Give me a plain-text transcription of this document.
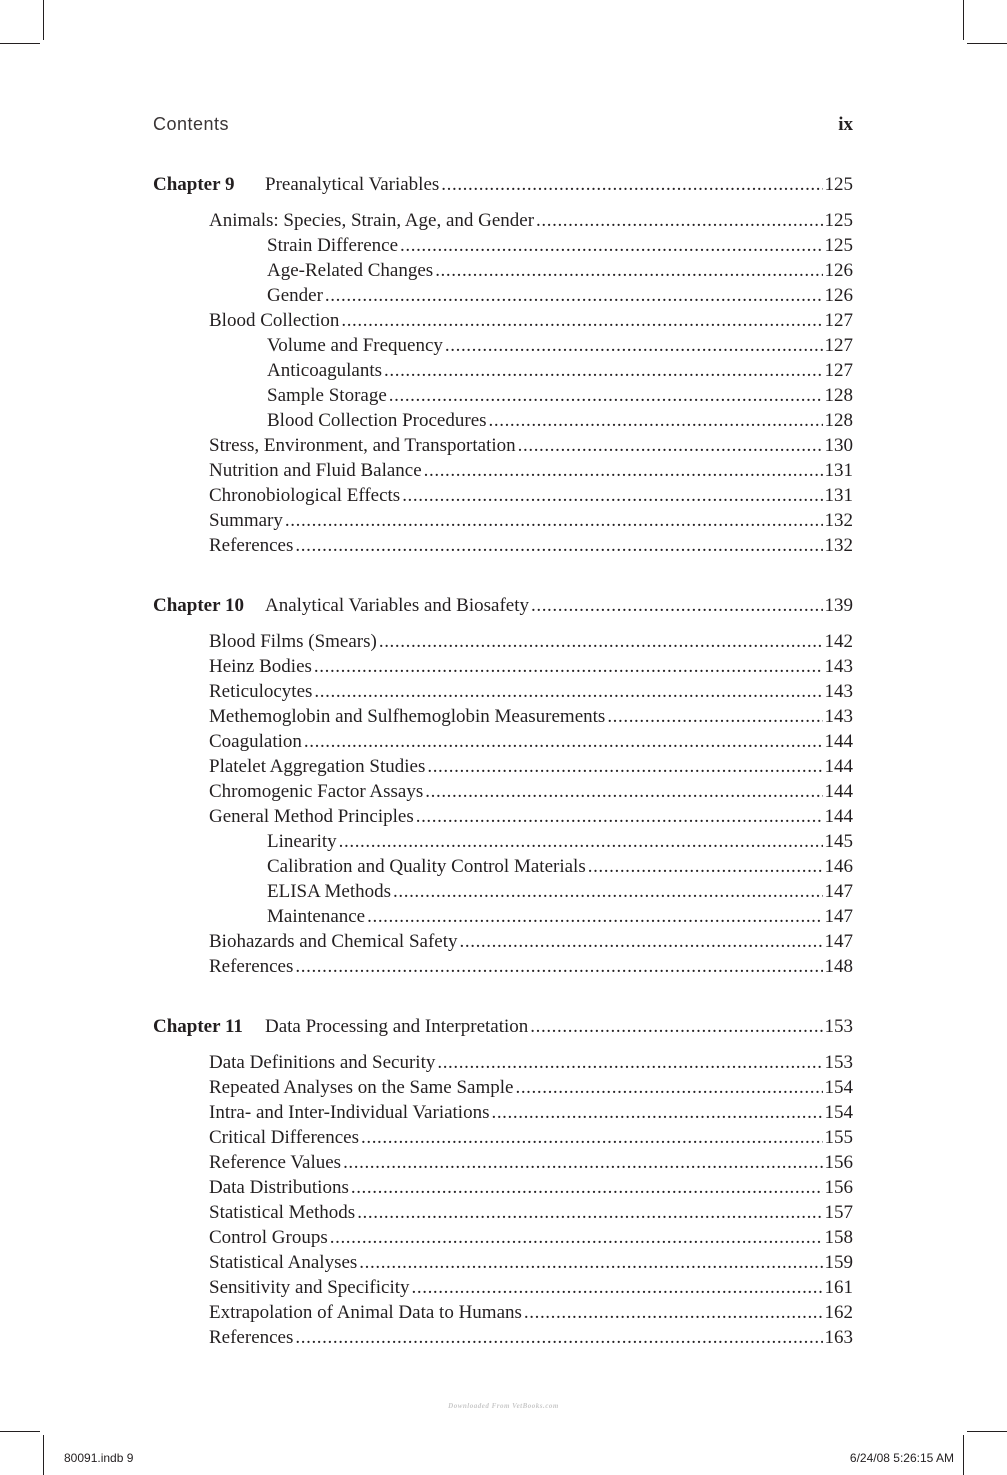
Contents	ix
Chapter 9	Preanalytical Variables .....	125
Animals: Species, Strain, Age, and Gender .....	125
Strain Difference .....	125
Age-Related Changes .....	126
Gender .....	126
Blood Collection .....	127
Volume and Frequency .....	127
Anticoagulants .....	127
Sample Storage .....	128
Blood Collection Procedures .....	128
Stress, Environment, and Transportation .....	130
Nutrition and Fluid Balance .....	131
Chronobiological Effects .....	131
Summary .....	132
References .....	132
Chapter 10	Analytical Variables and Biosafety .....	139
Blood Films (Smears) .....	142
Heinz Bodies .....	143
Reticulocytes .....	143
Methemoglobin and Sulfhemoglobin Measurements .....	143
Coagulation .....	144
Platelet Aggregation Studies .....	144
Chromogenic Factor Assays .....	144
General Method Principles .....	144
Linearity .....	145
Calibration and Quality Control Materials .....	146
ELISA Methods .....	147
Maintenance .....	147
Biohazards and Chemical Safety .....	147
References .....	148
Chapter 11	Data Processing and Interpretation .....	153
Data Definitions and Security .....	153
Repeated Analyses on the Same Sample .....	154
Intra- and Inter-Individual Variations .....	154
Critical Differences .....	155
Reference Values .....	156
Data Distributions .....	156
Statistical Methods .....	157
Control Groups .....	158
Statistical Analyses .....	159
Sensitivity and Specificity .....	161
Extrapolation of Animal Data to Humans .....	162
References .....	163
Downloaded From VetBooks.com
80091.indb 9	6/24/08 5:26:15 AM
